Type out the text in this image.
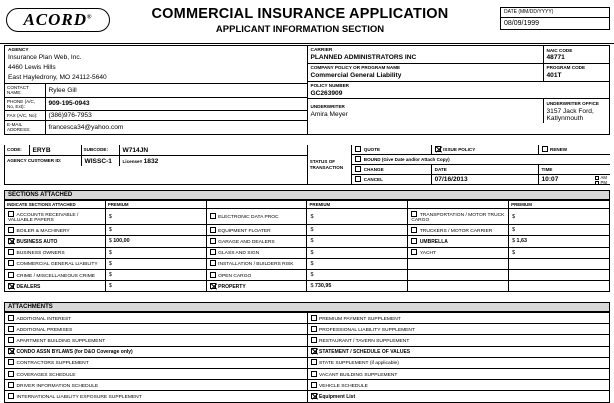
ACORD®	COMMERCIAL INSURANCE APPLICATION
APPLICANT INFORMATION SECTION
DATE (MM/DD/YYYY)
08/09/1999
AGENCY
Insurance Plan Web, Inc.
4460 Lewis Hills
East Hayledrony, MO 24112-5640
CONTACT NAME:	Rylee Gill

PHONE (A/C, No, Ext):	909-195-0943

FAX (A/C, No):	(386)976-7953

E-MAIL ADDRESS:	francesca34@yahoo.com

CARRIER
PLANNED ADMINISTRATORS INC

NAIC CODE
48771

COMPANY POLICY OR PROGRAM NAME
Commercial General Liability

PROGRAM CODE
401T

POLICY NUMBER
GC263909

UNDERWRITER
Amira Meyer

UNDERWRITER OFFICE
3157 Jack Ford, Katlynmouth
CODE:	ERYB	SUBCODE:	W714JN

AGENCY CUSTOMER ID:	WISSC-1	License# 1832
		STATUS OF TRANSACTION

QUOTE	ISSUE POLICY	RENEW

BOUND (Give Date and/or Attach Copy)

CHANGE	DATE	TIME

CANCEL	07/16/2013	10:07	AM
PM
SECTIONS ATTACHED
INDICATE SECTIONS ATTACHED	PREMIUM		PREMIUM		PREMIUM

ACCOUNTS RECEIVABLE / VALUABLE PAPERS	$	ELECTRONIC DATA PROC	$	TRANSPORTATION / MOTOR TRUCK CARGO	$

BOILER & MACHINERY	$	EQUIPMENT FLOATER	$	TRUCKERS / MOTOR CARRIER	$

BUSINESS AUTO	$ 100,00	GARAGE AND DEALERS	$	UMBRELLA	$ 1,63

BUSINESS OWNERS	$	GLASS AND SIGN	$	YACHT	$

COMMERCIAL GENERAL LIABILITY	$	INSTALLATION / BUILDERS RISK	$		

CRIME / MISCELLANEOUS CRIME	$	OPEN CARGO	$		

DEALERS	$	PROPERTY	$ 730,95		

ATTACHMENTS
ADDITIONAL INTEREST	PREMIUM PAYMENT SUPPLEMENT

ADDITIONAL PREMISES	PROFESSIONAL LIABILITY SUPPLEMENT

APARTMENT BUILDING SUPPLEMENT	RESTAURANT / TAVERN SUPPLEMENT

CONDO ASSN BYLAWS (for D&O Coverage only)	STATEMENT / SCHEDULE OF VALUES

CONTRACTORS SUPPLEMENT	STATE SUPPLEMENT (if applicable)

COVERAGES SCHEDULE	VACANT BUILDING SUPPLEMENT

DRIVER INFORMATION SCHEDULE	VEHICLE SCHEDULE

INTERNATIONAL LIABILITY EXPOSURE SUPPLEMENT	Equipment List
